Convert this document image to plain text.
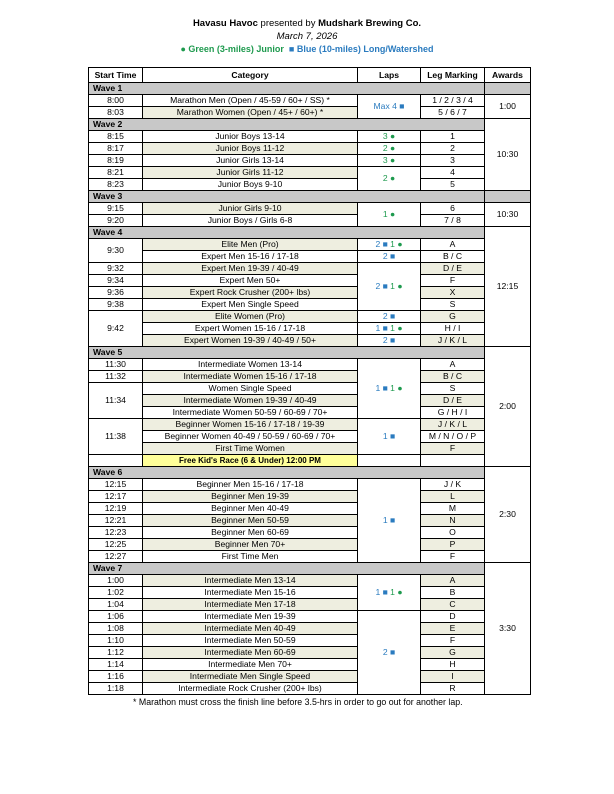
Havasu Havoc presented by Mudshark Brewing Co.
March 7, 2026
● Green (3-miles) Junior ■ Blue (10-miles) Long/Watershed
Start Time	Category	Laps	Leg Marking	Awards
Wave 1				
8:00	Marathon Men (Open / 45-59 / 60+ / SS) *	Max 4 ■	1 / 2 / 3 / 4	1:00
8:03	Marathon Women (Open / 45+ / 60+) *		5 / 6 / 7	
Wave 2				10:30
8:15	Junior Boys 13-14	3 ●	1	
8:17	Junior Boys 11-12	2 ●	2	
8:19	Junior Girls 13-14	3 ●	3	
8:21	Junior Girls 11-12	2 ●	4	
8:23	Junior Boys 9-10		5	
Wave 3				
9:15	Junior Girls 9-10	1 ●	6	10:30
9:20	Junior Boys / Girls 6-8		7 / 8	
Wave 4				12:15
9:30	Elite Men (Pro)	2 ■ 1 ●	A	
	Expert Men 15-16 / 17-18	2 ■	B / C	
9:32	Expert Men 19-39 / 40-49	2 ■ 1 ●	D / E	
9:34	Expert Men 50+		F	
9:36	Expert Rock Crusher (200+ lbs)		X	
9:38	Expert Men Single Speed		S	
9:42	Elite Women (Pro)	2 ■	G	
	Expert Women 15-16 / 17-18	1 ■ 1 ●	H / I	
	Expert Women 19-39 / 40-49 / 50+	2 ■	J / K / L	
Wave 5				2:00
11:30	Intermediate Women 13-14	1 ■ 1 ●	A	
11:32	Intermediate Women 15-16 / 17-18		B / C	
11:34	Women Single Speed		S	
	Intermediate Women 19-39 / 40-49		D / E	
	Intermediate Women 50-59 / 60-69 / 70+		G / H / I	
11:38	Beginner Women 15-16 / 17-18 / 19-39	1 ■	J / K / L	
	Beginner Women 40-49 / 50-59 / 60-69 / 70+		M / N / O / P	
	First Time Women		F	
	Free Kid's Race (6 & Under) 12:00 PM			
Wave 6				2:30
12:15	Beginner Men 15-16 / 17-18	1 ■	J / K	
12:17	Beginner Men 19-39		L	
12:19	Beginner Men 40-49		M	
12:21	Beginner Men 50-59		N	
12:23	Beginner Men 60-69		O	
12:25	Beginner Men 70+		P	
12:27	First Time Men		F	
Wave 7				3:30
1:00	Intermediate Men 13-14	1 ■ 1 ●	A	
1:02	Intermediate Men 15-16		B	
1:04	Intermediate Men 17-18		C	
1:06	Intermediate Men 19-39	2 ■	D	
1:08	Intermediate Men 40-49		E	
1:10	Intermediate Men 50-59		F	
1:12	Intermediate Men 60-69		G	
1:14	Intermediate Men 70+		H	
1:16	Intermediate Men Single Speed		I	
1:18	Intermediate Rock Crusher (200+ lbs)		R	
* Marathon must cross the finish line before 3.5-hrs in order to go out for another lap.
